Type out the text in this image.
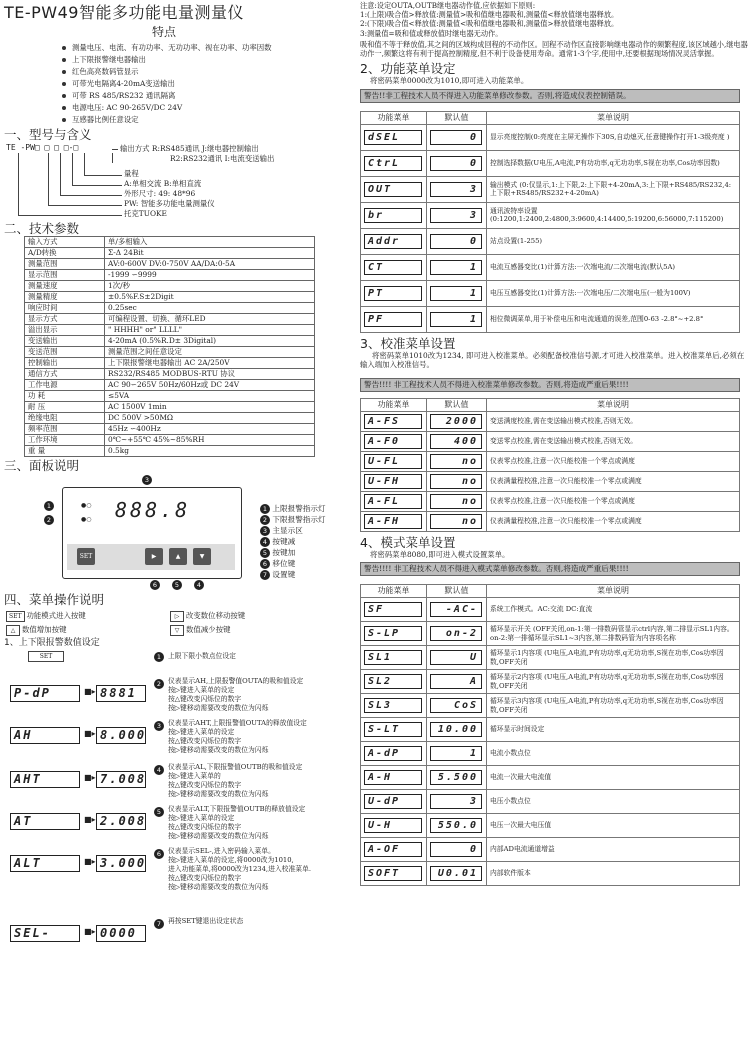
TE-PW49智能多功能电量测量仪
特点
测量电压、电流、有功功率、无功功率、视在功率、功率因数
上下限报警继电器输出
红色高亮数码管显示
可带光电隔离4-20mA变送输出
可带 RS 485/RS232 通讯隔离
电源电压: AC 90-265V/DC 24V
互感器比例任意设定
一、型号与含义
TE -PW□ □ □ □-□	输出方式 R:RS485通讯 J:继电器控制输出
R2:RS232通讯 I:电流变送输出
量程
A:单相交流 B:单相直流
外形尺寸: 49: 48*96
PW: 智能多功能电量测量仪
托克TUOKE
二、技术参数
输入方式	单/多相输入
A/D转换	Σ-Δ 24Bit
测量范围	AV:0-600V DV:0-750V AA/DA:0-5A
显示范围	-1999 ∽9999
测量速度	1次/秒
测量精度	±0.5%F.S±2Digit
响应时间	0.25sec
显示方式	可编程设置、切换、循环LED
溢出显示	" HHHH" or" LLLL"
变送输出	4-20mA (0.5%R.D± 3Digital)
变送范围	测量范围之间任意设定
控制输出	上下限报警继电器输出 AC 2A/250V
通信方式	RS232/RS485 MODBUS-RTU 协议
工作电源	AC 90∽265V 50Hz/60Hz或 DC 24V
功 耗	≤5VA
耐 压	AC 1500V 1min
绝缘电阻	DC 500V >50MΩ
频率范围	45Hz ∽400Hz
工作环境	0℃~+55℃ 45%~85%RH
重 量	0.5kg
三、面板说明
1
2
3
●○
●○ 888.8
SET	▶	▲	▼
6	5	4
1 上限报警指示灯
2 下限报警指示灯
3 主显示区
4 按键减
5 按键加
6 移位键
7 设置键
四、菜单操作说明
SET 功能模式进入按键
△ 数值增加按键
▷ 改变数位移动按键
▽ 数值减少按键
1、上下限报警数值设定
SET	1	上限下限小数点位设定
P-dP	■▸ 8881
2	仪表显示AH,上限报警值OUTA的吸和值设定
按▷键进入菜单的设定
按△键改变闪烁位的数字
按▷键移动需要改变的数位为闪烁
AH	■▸ 8.000
3	仪表显示AHT,上限报警值OUTA的释放值设定
按▷键进入菜单的设定
按△键改变闪烁位的数字
按▷键移动需要改变的数位为闪烁
AHT	■▸ 7.008
4	仪表显示AL,下限报警值OUTB的吸和值设定
按▷键进入菜单的
按△键改变闪烁位的数字
按▷键移动需要改变的数位为闪烁
AT	■▸ 2.008
5	仪表显示ALT,下限报警值OUTB的释放值设定
按▷键进入菜单的设定
按△键改变闪烁位的数字
按▷键移动需要改变的数位为闪烁
ALT	■▸ 3.000
6	仪表显示SEL-,进入密码输入菜单。
按▷键进入菜单的设定,将0000改为1010,
进入功能菜单,将0000改为1234,进入校准菜单.
按△键改变闪烁位的数字
按▷键移动需要改变的数位为闪烁
SEL-	■▸ 0000
7	再按SET键退出设定状态
注意:设定OUTA,OUTB继电器动作值,应依据如下原则:
1:(上限)吸合值>释放值:测量值>吸和值继电器吸和,测量值<释放值继电器释放。
2:(下限)吸合值<释放值:测量值<吸和值继电器吸和,测量值>释放值继电器释放。
3:测量值=吸和值或释放值时继电器无动作。
吸和值不等于释放值,其之间的区域构成回程的不动作区。回程不动作区直接影响继电器动作的频繁程度,该区域越小,继电器动作一,频繁这将有利于提高控制精度,但不利于设备使用寿命。通常1-3个字,使用中,还要根据现场情况灵活掌握。
2、功能菜单设定
将密码菜单0000改为1010,即可进入功能菜单。
警告!!非工程技术人员不得进入功能菜单修改参数。否则,将造成仪表控制错误。
功能菜单	默认值	菜单说明
dSEL	0	显示亮度控制(0:亮度在主屏无操作下30S,自动熄灭,任意键操作打开1-3级亮度 )
CtrL	0	控制选择数据(U电压,A电流,P有功功率,q无功功率,S视在功率,Cos功率因数)
OUT	3	输出模式 (0:仅显示,1:上下限,2:上下限+4-20mA,3:上下限+RS485/RS232,4:上下限+RS485/RS232+4-20mA)
br	3	通讯波特率设置(0:1200,1:2400,2:4800,3:9600,4:14400,5:19200,6:56000,7:115200)
Addr	0	站点设置(1-255)
CT	1	电流互感器变比(1)计算方法:一次端电流/二次端电流(默认5A)
PT	1	电压互感器变比(1)计算方法:一次端电压/二次端电压(一般为100V)
PF	1	相位微调菜单,用于补偿电压和电流通道的误差,范围0-63 -2.8°~+2.8°
3、校准菜单设置
将密码菜单1010改为1234, 即可进入校准菜单。必须配备校准信号源,才可进入校准菜单。进入校准菜单后,必须在输入端加入校准信号。
警告!!!! 非工程技术人员不得进入校准菜单修改参数。否则,将造成严重后果!!!!
功能菜单	默认值	菜单说明
A-FS	2000	变送满度校准,需在变送输出模式校准,否则无效。
A-F0	400	变送零点校准,需在变送输出模式校准,否则无效。
U-FL	no	仪表零点校准,注意一次只能校准一个零点或满度
U-FH	no	仪表满量程校准,注意一次只能校准一个零点或满度
A-FL	no	仪表零点校准,注意一次只能校准一个零点或满度
A-FH	no	仪表满量程校准,注意一次只能校准一个零点或满度
4、模式菜单设置
将密码菜单8080,即可进入模式设置菜单。
警告!!!! 非工程技术人员不得进入模式菜单修改参数。否则,将造成严重后果!!!!
功能菜单	默认值	菜单说明
SF	-AC-	系统工作模式。AC:交流 DC:直流
S-LP	on-2	循环显示开关 (OFF关闭,on-1:第一排数码管显示ctrl内容,第二排显示SL1内容。on-2:第一排循环显示SL1~3内容,第二排数码管为内容项名称
SL1	U	循环显示1内容项 (U电压,A电流,P有功功率,q无功功率,S视在功率,Cos功率因数,OFF关闭
SL2	A	循环显示2内容项 (U电压,A电流,P有功功率,q无功功率,S视在功率,Cos功率因数,OFF关闭
SL3	CoS	循环显示3内容项 (U电压,A电流,P有功功率,q无功功率,S视在功率,Cos功率因数,OFF关闭
S-LT	10.00	循环显示时间设定
A-dP	1	电流小数点位
A-H	5.500	电流一次最大电流值
U-dP	3	电压小数点位
U-H	550.0	电压一次最大电压值
A-OF	0	内部AD电流通道增益
SOFT	U0.01	内部软件版本
